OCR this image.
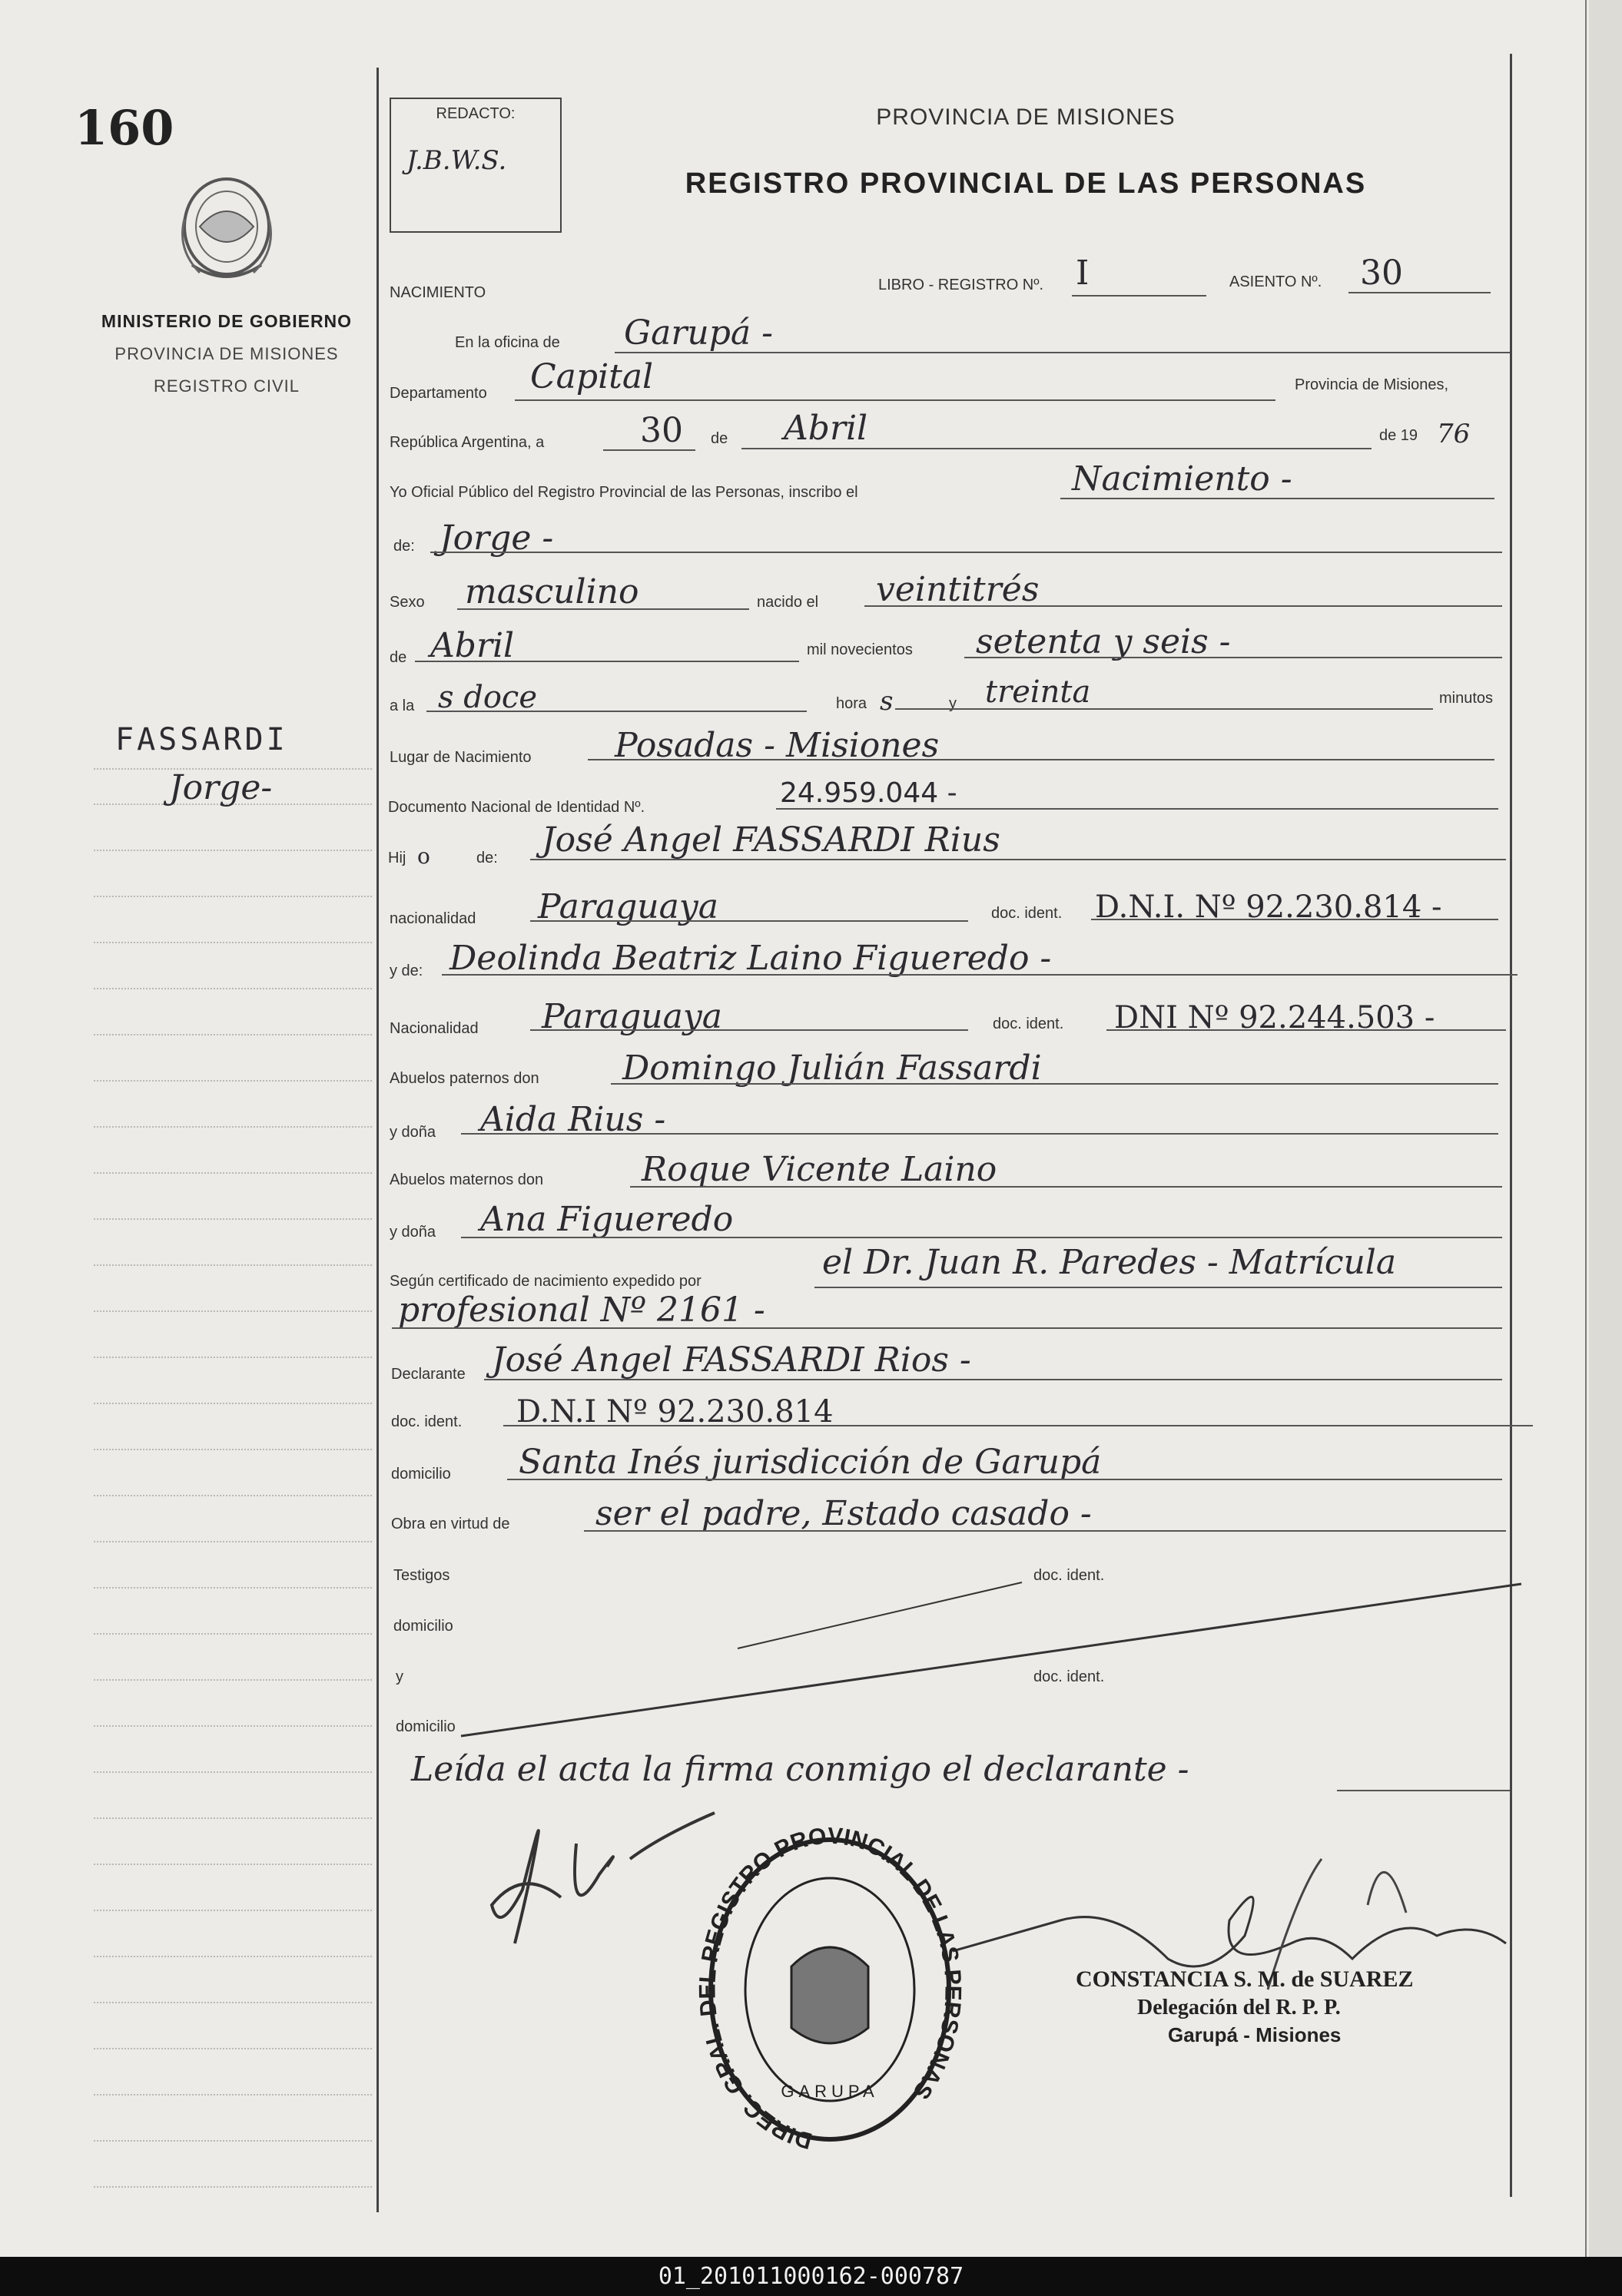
160
MINISTERIO DE GOBIERNO
PROVINCIA DE MISIONES
REGISTRO CIVIL
FASSARDI
Jorge-
REDACTO:
J.B.W.S.
PROVINCIA DE MISIONES
REGISTRO PROVINCIAL DE LAS PERSONAS
NACIMIENTO	LIBRO - REGISTRO Nº. I	ASIENTO Nº. 30
En la oficina de Garupá -
Departamento Capital	Provincia de Misiones,
República Argentina, a	30 de Abril	de 19 76
Yo Oficial Público del Registro Provincial de las Personas, inscribo el	Nacimiento -
de: Jorge -
Sexo masculino	nacido el veintitrés
de Abril	mil novecientos setenta y seis -
a la s doce	hora s	y treinta	minutos
Lugar de Nacimiento Posadas - Misiones
Documento Nacional de Identidad Nº.	24.959.044 -
Hij o	de: José Angel FASSARDI Rius
nacionalidad Paraguaya	doc. ident. D.N.I. Nº 92.230.814 -
y de: Deolinda Beatriz Laino Figueredo -
Nacionalidad Paraguaya	doc. ident. DNI Nº 92.244.503 -
Abuelos paternos don Domingo Julián Fassardi
y doña Aida Rius -
Abuelos maternos don	Roque Vicente Laino
y doña Ana Figueredo
Según certificado de nacimiento expedido por	el Dr. Juan R. Paredes - Matrícula
profesional Nº 2161 -
Declarante José Angel FASSARDI Rios -
doc. ident. D.N.I Nº 92.230.814
domicilio Santa Inés jurisdicción de Garupá
Obra en virtud de	ser el padre, Estado casado -
Testigos	doc. ident.
domicilio
y	doc. ident.
domicilio
Leída el acta la firma conmigo el declarante -
DIREC. GRAL. DEL REGISTRO PROVINCIAL DE LAS PERSONAS
GARUPA
CONSTANCIA S. M. de SUAREZ
Delegación del R. P. P.
Garupá - Misiones
01_201011000162-000787
